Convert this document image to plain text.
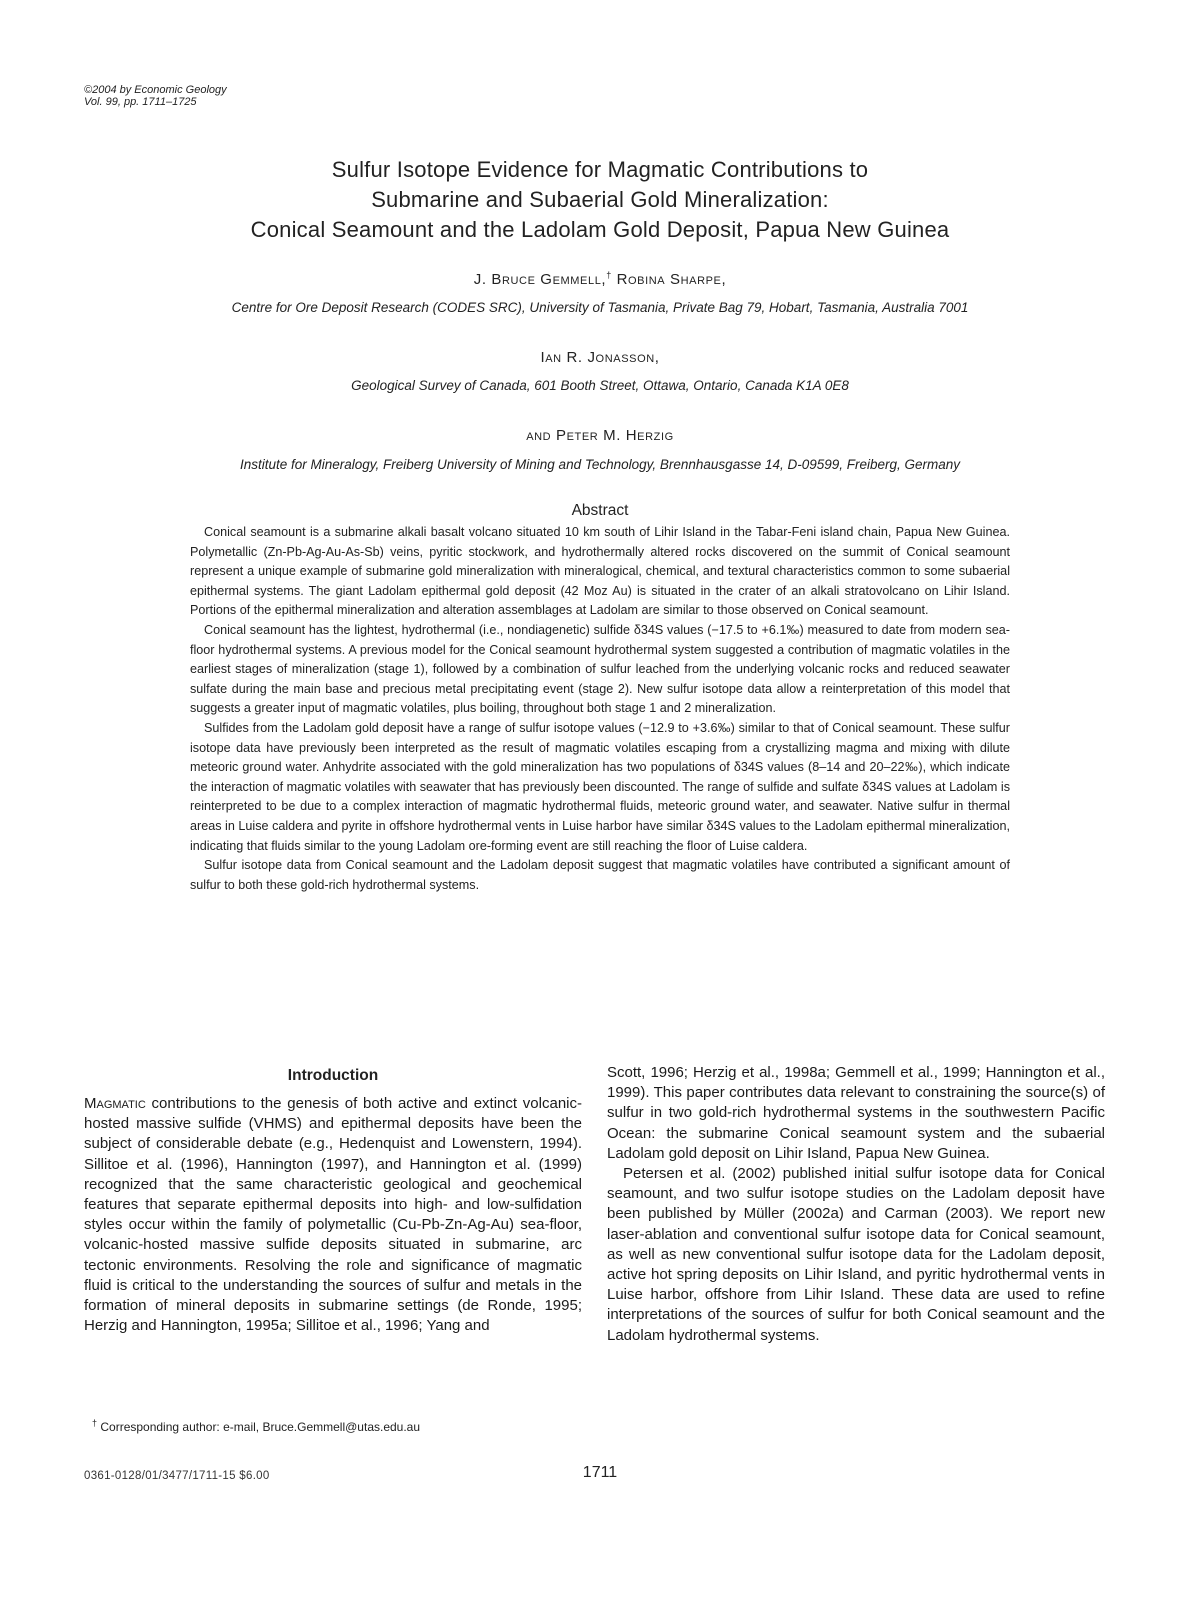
©2004 by Economic Geology
Vol. 99, pp. 1711–1725
Sulfur Isotope Evidence for Magmatic Contributions to
Submarine and Subaerial Gold Mineralization:
Conical Seamount and the Ladolam Gold Deposit, Papua New Guinea
J. Bruce Gemmell,† Robina Sharpe,
Centre for Ore Deposit Research (CODES SRC), University of Tasmania, Private Bag 79, Hobart, Tasmania, Australia 7001
Ian R. Jonasson,
Geological Survey of Canada, 601 Booth Street, Ottawa, Ontario, Canada K1A 0E8
and Peter M. Herzig
Institute for Mineralogy, Freiberg University of Mining and Technology, Brennhausgasse 14, D-09599, Freiberg, Germany
Abstract

Conical seamount is a submarine alkali basalt volcano situated 10 km south of Lihir Island in the Tabar-Feni island chain, Papua New Guinea. Polymetallic (Zn-Pb-Ag-Au-As-Sb) veins, pyritic stockwork, and hydrothermally altered rocks discovered on the summit of Conical seamount represent a unique example of submarine gold mineralization with mineralogical, chemical, and textural characteristics common to some subaerial epithermal systems. The giant Ladolam epithermal gold deposit (42 Moz Au) is situated in the crater of an alkali stratovolcano on Lihir Island. Portions of the epithermal mineralization and alteration assemblages at Ladolam are similar to those observed on Conical seamount.

Conical seamount has the lightest, hydrothermal (i.e., nondiagenetic) sulfide δ34S values (−17.5 to +6.1‰) measured to date from modern sea-floor hydrothermal systems. A previous model for the Conical seamount hydrothermal system suggested a contribution of magmatic volatiles in the earliest stages of mineralization (stage 1), followed by a combination of sulfur leached from the underlying volcanic rocks and reduced seawater sulfate during the main base and precious metal precipitating event (stage 2). New sulfur isotope data allow a reinterpretation of this model that suggests a greater input of magmatic volatiles, plus boiling, throughout both stage 1 and 2 mineralization.

Sulfides from the Ladolam gold deposit have a range of sulfur isotope values (−12.9 to +3.6‰) similar to that of Conical seamount. These sulfur isotope data have previously been interpreted as the result of magmatic volatiles escaping from a crystallizing magma and mixing with dilute meteoric ground water. Anhydrite associated with the gold mineralization has two populations of δ34S values (8–14 and 20–22‰), which indicate the interaction of magmatic volatiles with seawater that has previously been discounted. The range of sulfide and sulfate δ34S values at Ladolam is reinterpreted to be due to a complex interaction of magmatic hydrothermal fluids, meteoric ground water, and seawater. Native sulfur in thermal areas in Luise caldera and pyrite in offshore hydrothermal vents in Luise harbor have similar δ34S values to the Ladolam epithermal mineralization, indicating that fluids similar to the young Ladolam ore-forming event are still reaching the floor of Luise caldera.

Sulfur isotope data from Conical seamount and the Ladolam deposit suggest that magmatic volatiles have contributed a significant amount of sulfur to both these gold-rich hydrothermal systems.

Introduction

Magmatic contributions to the genesis of both active and extinct volcanic-hosted massive sulfide (VHMS) and epithermal deposits have been the subject of considerable debate (e.g., Hedenquist and Lowenstern, 1994). Sillitoe et al. (1996), Hannington (1997), and Hannington et al. (1999) recognized that the same characteristic geological and geochemical features that separate epithermal deposits into high- and low-sulfidation styles occur within the family of polymetallic (Cu-Pb-Zn-Ag-Au) sea-floor, volcanic-hosted massive sulfide deposits situated in submarine, arc tectonic environments. Resolving the role and significance of magmatic fluid is critical to the understanding the sources of sulfur and metals in the formation of mineral deposits in submarine settings (de Ronde, 1995; Herzig and Hannington, 1995a; Sillitoe et al., 1996; Yang and

Scott, 1996; Herzig et al., 1998a; Gemmell et al., 1999; Hannington et al., 1999). This paper contributes data relevant to constraining the source(s) of sulfur in two gold-rich hydrothermal systems in the southwestern Pacific Ocean: the submarine Conical seamount system and the subaerial Ladolam gold deposit on Lihir Island, Papua New Guinea.

Petersen et al. (2002) published initial sulfur isotope data for Conical seamount, and two sulfur isotope studies on the Ladolam deposit have been published by Müller (2002a) and Carman (2003). We report new laser-ablation and conventional sulfur isotope data for Conical seamount, as well as new conventional sulfur isotope data for the Ladolam deposit, active hot spring deposits on Lihir Island, and pyritic hydrothermal vents in Luise harbor, offshore from Lihir Island. These data are used to refine interpretations of the sources of sulfur for both Conical seamount and the Ladolam hydrothermal systems.

† Corresponding author: e-mail, Bruce.Gemmell@utas.edu.au
0361-0128/01/3477/1711-15 $6.00	1711
